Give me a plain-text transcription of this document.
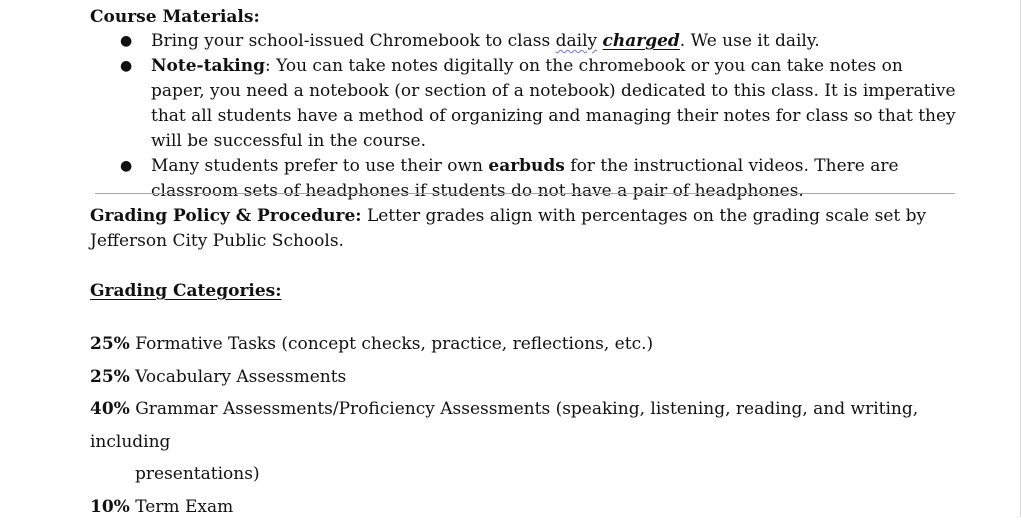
Course Materials:
● Bring your school-issued Chromebook to class daily charged. We use it daily.
● Note-taking: You can take notes digitally on the chromebook or you can take notes on paper, you need a notebook (or section of a notebook) dedicated to this class. It is imperative that all students have a method of organizing and managing their notes for class so that they will be successful in the course.
● Many students prefer to use their own earbuds for the instructional videos. There are classroom sets of headphones if students do not have a pair of headphones.
Grading Policy & Procedure: Letter grades align with percentages on the grading scale set by Jefferson City Public Schools.
Grading Categories:
25% Formative Tasks (concept checks, practice, reflections, etc.)
25% Vocabulary Assessments
40% Grammar Assessments/Proficiency Assessments (speaking, listening, reading, and writing, including
presentations)
10% Term Exam
